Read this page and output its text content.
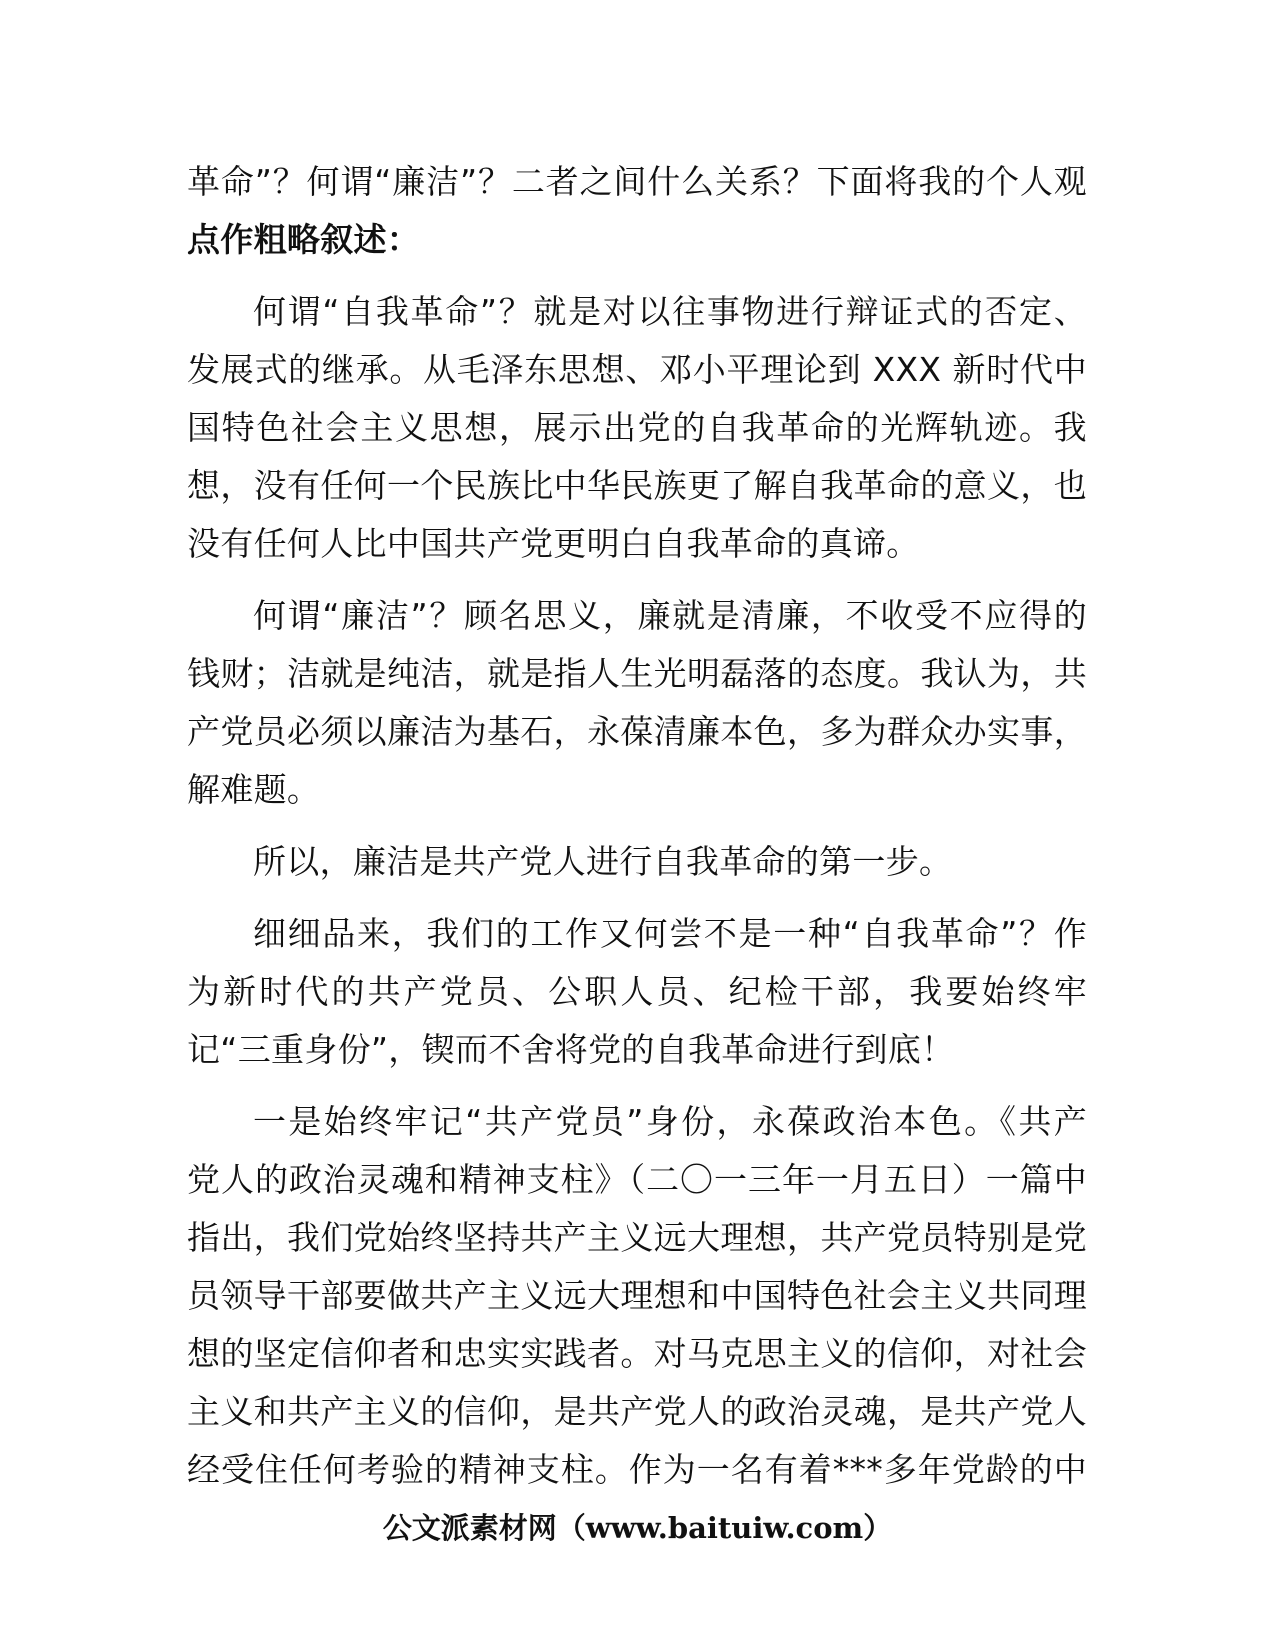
革命”？何谓“廉洁”？二者之间什么关系？下面将我的个人观
点作粗略叙述：
何谓“自我革命”？就是对以往事物进行辩证式的否定、
发展式的继承。从毛泽东思想、邓小平理论到 XXX 新时代中
国特色社会主义思想，展示出党的自我革命的光辉轨迹。我
想，没有任何一个民族比中华民族更了解自我革命的意义，也
没有任何人比中国共产党更明白自我革命的真谛。
何谓“廉洁”？顾名思义，廉就是清廉，不收受不应得的
钱财；洁就是纯洁，就是指人生光明磊落的态度。我认为，共
产党员必须以廉洁为基石，永葆清廉本色，多为群众办实事，
解难题。
所以，廉洁是共产党人进行自我革命的第一步。
细细品来，我们的工作又何尝不是一种“自我革命”？作
为新时代的共产党员、公职人员、纪检干部，我要始终牢
记“三重身份”，锲而不舍将党的自我革命进行到底！
一是始终牢记“共产党员”身份，永葆政治本色。《共产
党人的政治灵魂和精神支柱》（二〇一三年一月五日）一篇中
指出，我们党始终坚持共产主义远大理想，共产党员特别是党
员领导干部要做共产主义远大理想和中国特色社会主义共同理
想的坚定信仰者和忠实实践者。对马克思主义的信仰，对社会
主义和共产主义的信仰，是共产党人的政治灵魂，是共产党人
经受住任何考验的精神支柱。作为一名有着***多年党龄的中
公文派素材网（www.baituiw.com）
